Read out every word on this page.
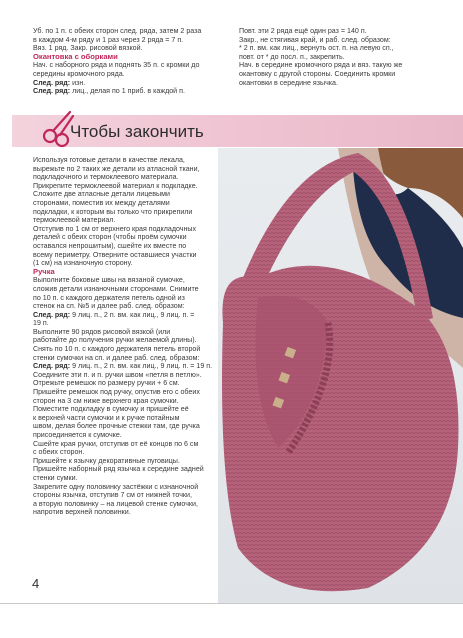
Уб. по 1 п. с обеих сторон след. ряда, затем 2 раза

в каждом 4-м ряду и 1 раз через 2 ряда = 7 п.

Вяз. 1 ряд. Закр. рисовой вязкой.

Окантовка с оборками

Нач. с наборного ряда и поднять 35 п. с кромки до

середины кромочного ряда.

След. ряд: изн.

След. ряд: лиц., делая по 1 приб. в каждой п.

Повт. эти 2 ряда ещё один раз = 140 п.

Закр., не стягивая край, и раб. след. образом:

* 2 п. вм. как лиц., вернуть ост. п. на левую сп.,

повт. от * до посл. п., закрепить.

Нач. в середине кромочного ряда и вяз. такую же

окантовку с другой стороны. Соединить кромки

окантовки в середине язычка.

Чтобы закончить

Используя готовые детали в качестве лекала,

вырежьте по 2 таких же детали из атласной ткани,

подкладочного и термоклеевого материала.

Прикрепите термоклеевой материал к подкладке.

Сложите две атласные детали лицевыми

сторонами, поместив их между деталями

подкладки, к которым вы только что прикрепили

термоклеевой материал.

Отступив по 1 см от верхнего края подкладочных

деталей с обеих сторон (чтобы проём сумочки

оставался непрошитым), сшейте их вместе по

всему периметру. Отверните оставшиеся участки

(1 см) на изнаночную сторону.

Ручка

Выполните боковые швы на вязаной сумочке,

сложив детали изнаночными сторонами. Снимите

по 10 п. с каждого держателя петель одной из

стенок на сп. №5 и далее раб. след. образом:

След. ряд: 9 лиц. п., 2 п. вм. как лиц., 9 лиц. п. =

19 п.

Выполните 90 рядов рисовой вязкой (или

работайте до получения ручки желаемой длины).

Снять по 10 п. с каждого держателя петель второй

стенки сумочки на сп. и далее раб. след. образом:

След. ряд: 9 лиц. п., 2 п. вм. как лиц., 9 лиц. п. = 19 п.

Соедините эти п. и п. ручки швом «петля в петлю».

Отрежьте ремешок по размеру ручки + 6 см.

Пришейте ремешок под ручку, опустив его с обеих

сторон на 3 см ниже верхнего края сумочки.

Поместите подкладку в сумочку и пришейте её

к верхней части сумочки и к ручке потайным

швом, делая более прочные стежки там, где ручка

присоединяется к сумочке.

Сшейте края ручки, отступив от её концов по 6 см

с обеих сторон.

Пришейте к язычку декоративные пуговицы.

Пришейте наборный ряд язычка к середине задней

стенки сумки.

Закрепите одну половинку застёжки с изнаночной

стороны язычка, отступив 7 см от нижней точки,

а вторую половинку – на лицевой стенке сумочки,

напротив верхней половинки.

4
